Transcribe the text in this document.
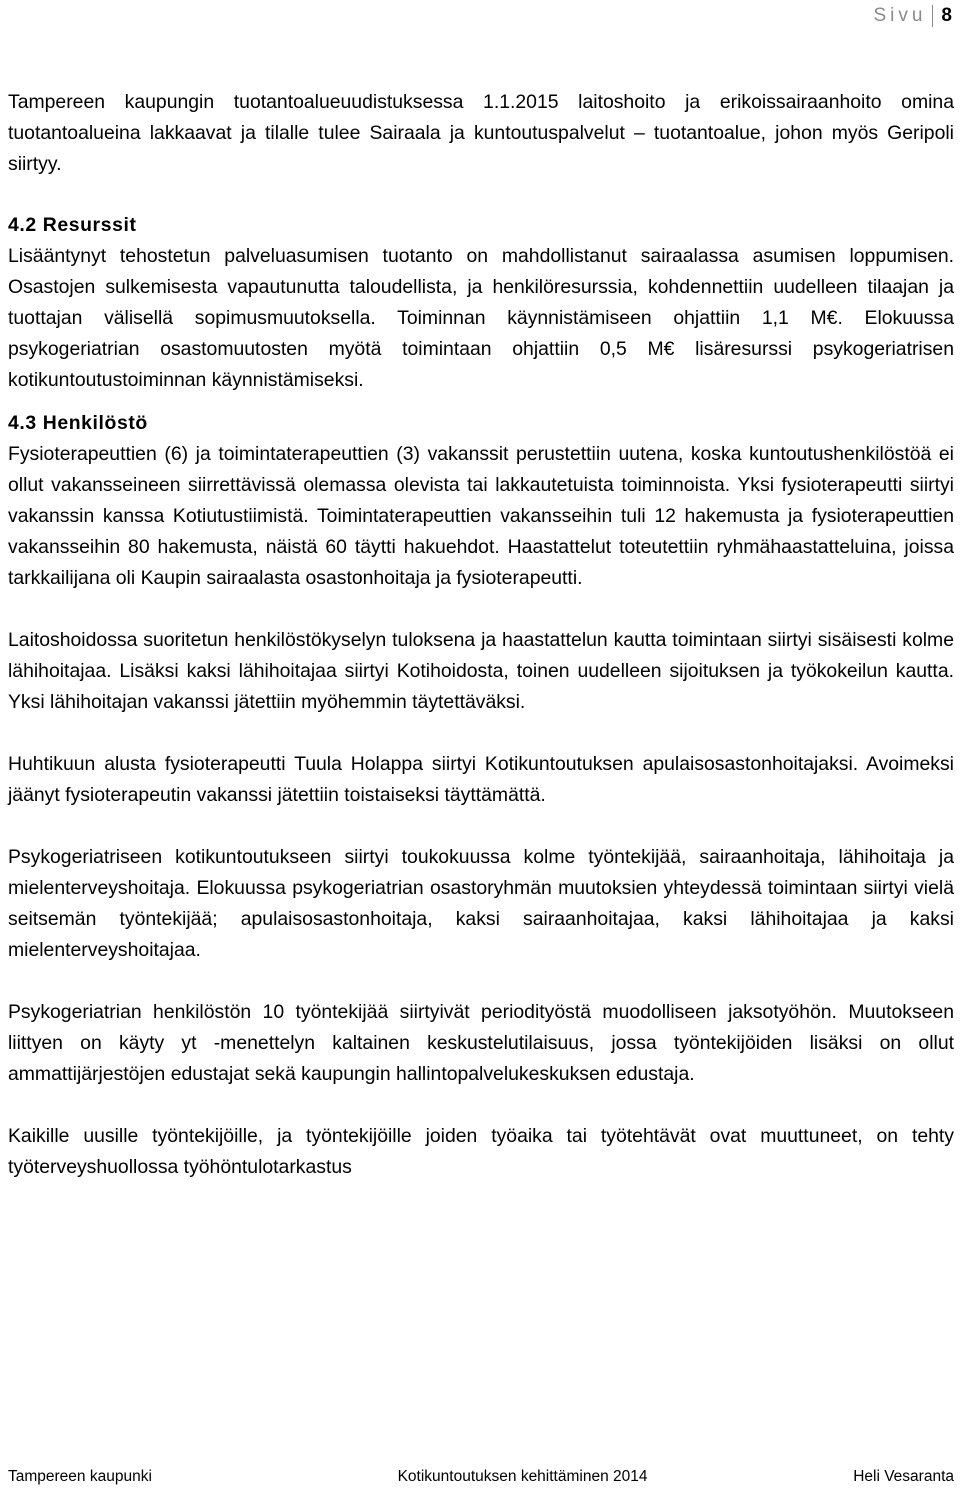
Sivu 8

Tampereen kaupungin tuotantoalueuudistuksessa 1.1.2015 laitoshoito ja erikoissairaanhoito omina tuotantoalueina lakkaavat ja tilalle tulee Sairaala ja kuntoutuspalvelut – tuotantoalue, johon myös Geripoli siirtyy.

4.2 Resurssit

Lisääntynyt tehostetun palveluasumisen tuotanto on mahdollistanut sairaalassa asumisen loppumisen. Osastojen sulkemisesta vapautunutta taloudellista, ja henkilöresurssia, kohdennettiin uudelleen tilaajan ja tuottajan välisellä sopimusmuutoksella. Toiminnan käynnistämiseen ohjattiin 1,1 M€. Elokuussa psykogeriatrian osastomuutosten myötä toimintaan ohjattiin 0,5 M€ lisäresurssi psykogeriatrisen kotikuntoutustoiminnan käynnistämiseksi.

4.3 Henkilöstö

Fysioterapeuttien (6) ja toimintaterapeuttien (3) vakanssit perustettiin uutena, koska kuntoutushenkilöstöä ei ollut vakansseineen siirrettävissä olemassa olevista tai lakkautetuista toiminnoista. Yksi fysioterapeutti siirtyi vakanssin kanssa Kotiutustiimistä. Toimintaterapeuttien vakansseihin tuli 12 hakemusta ja fysioterapeuttien vakansseihin 80 hakemusta, näistä 60 täytti hakuehdot. Haastattelut toteutettiin ryhmähaastatteluina, joissa tarkkailijana oli Kaupin sairaalasta osastonhoitaja ja fysioterapeutti.

Laitoshoidossa suoritetun henkilöstökyselyn tuloksena ja haastattelun kautta toimintaan siirtyi sisäisesti kolme lähihoitajaa. Lisäksi kaksi lähihoitajaa siirtyi Kotihoidosta, toinen uudelleen sijoituksen ja työkokeilun kautta. Yksi lähihoitajan vakanssi jätettiin myöhemmin täytettäväksi.

Huhtikuun alusta fysioterapeutti Tuula Holappa siirtyi Kotikuntoutuksen apulaisosastonhoitajaksi. Avoimeksi jäänyt fysioterapeutin vakanssi jätettiin toistaiseksi täyttämättä.

Psykogeriatriseen kotikuntoutukseen siirtyi toukokuussa kolme työntekijää, sairaanhoitaja, lähihoitaja ja mielenterveyshoitaja. Elokuussa psykogeriatrian osastoryhmän muutoksien yhteydessä toimintaan siirtyi vielä seitsemän työntekijää; apulaisosastonhoitaja, kaksi sairaanhoitajaa, kaksi lähihoitajaa ja kaksi mielenterveyshoitajaa.

Psykogeriatrian henkilöstön 10 työntekijää siirtyivät periodityöstä muodolliseen jaksotyöhön. Muutokseen liittyen on käyty yt -menettelyn kaltainen keskustelutilaisuus, jossa työntekijöiden lisäksi on ollut ammattijärjestöjen edustajat sekä kaupungin hallintopalvelukeskuksen edustaja.

Kaikille uusille työntekijöille, ja työntekijöille joiden työaika tai työtehtävät ovat muuttuneet, on tehty työterveyshuollossa työhöntulotarkastus

Tampereen kaupunki	Kotikuntoutuksen kehittäminen 2014	Heli Vesaranta
